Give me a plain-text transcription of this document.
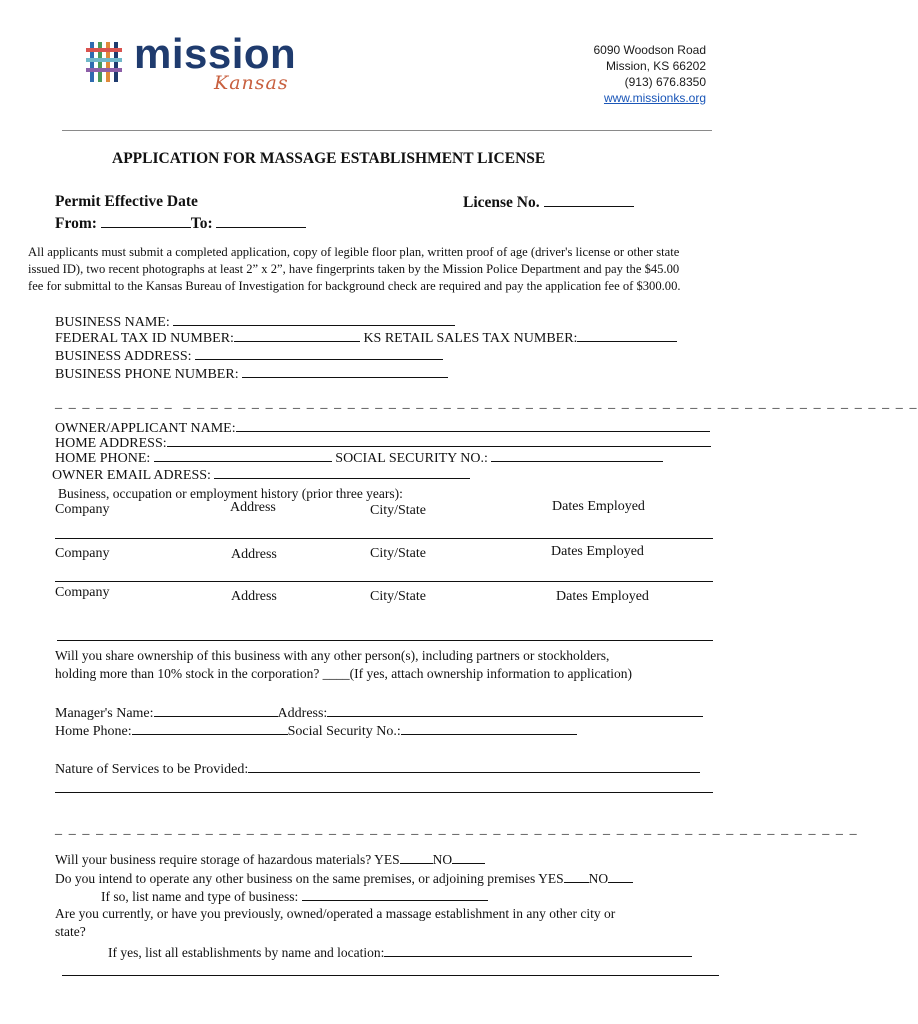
mission
Kansas
6090 Woodson Road
Mission, KS 66202
(913) 676.8350
www.missionks.org
APPLICATION FOR MASSAGE ESTABLISHMENT LICENSE
Permit Effective Date	License No.
From:	To:
All applicants must submit a completed application, copy of legible floor plan, written proof of age (driver's license or other state
issued ID), two recent photographs at least 2” x 2”, have fingerprints taken by the Mission Police Department and pay the $45.00
fee for submittal to the Kansas Bureau of Investigation for background check are required and pay the application fee of $300.00.
BUSINESS NAME:
FEDERAL TAX ID NUMBER:	KS RETAIL SALES TAX NUMBER:
BUSINESS ADDRESS:
BUSINESS PHONE NUMBER:
_ _ _ _ _ _ _ _ _  _ _ _ _ _ _ _ _ _ _ _ _ _ _ _ _ _ _ _ _ _ _ _ _ _ _ _ _ _ _ _ _ _ _ _ _ _ _ _ _ _ _ _ _ _ _ _ _ _ _ _ _ _ _
OWNER/APPLICANT NAME:
HOME ADDRESS:
HOME PHONE:	SOCIAL SECURITY NO.:
OWNER EMAIL ADRESS:
Business, occupation or employment history (prior three years):
Company	Address	City/State	Dates Employed
Company	Address	City/State	Dates Employed
Company	Address	City/State	Dates Employed
Will you share ownership of this business with any other person(s), including partners or stockholders,
holding more than 10% stock in the corporation? ____(If yes, attach ownership information to application)
Manager's Name:	Address:
Home Phone:	Social Security No.:
Nature of Services to be Provided:
_ _ _ _ _ _ _ _ _ _ _ _ _ _ _ _ _ _ _ _ _ _ _ _ _ _ _ _ _ _ _ _ _ _ _ _ _ _ _ _ _ _ _ _ _ _ _ _ _ _ _ _ _ _ _ _ _ _ _
Will your business require storage of hazardous materials? YES NO
Do you intend to operate any other business on the same premises, or adjoining premises YES NO
If so, list name and type of business:
Are you currently, or have you previously, owned/operated a massage establishment in any other city or
state?
If yes, list all establishments by name and location:
